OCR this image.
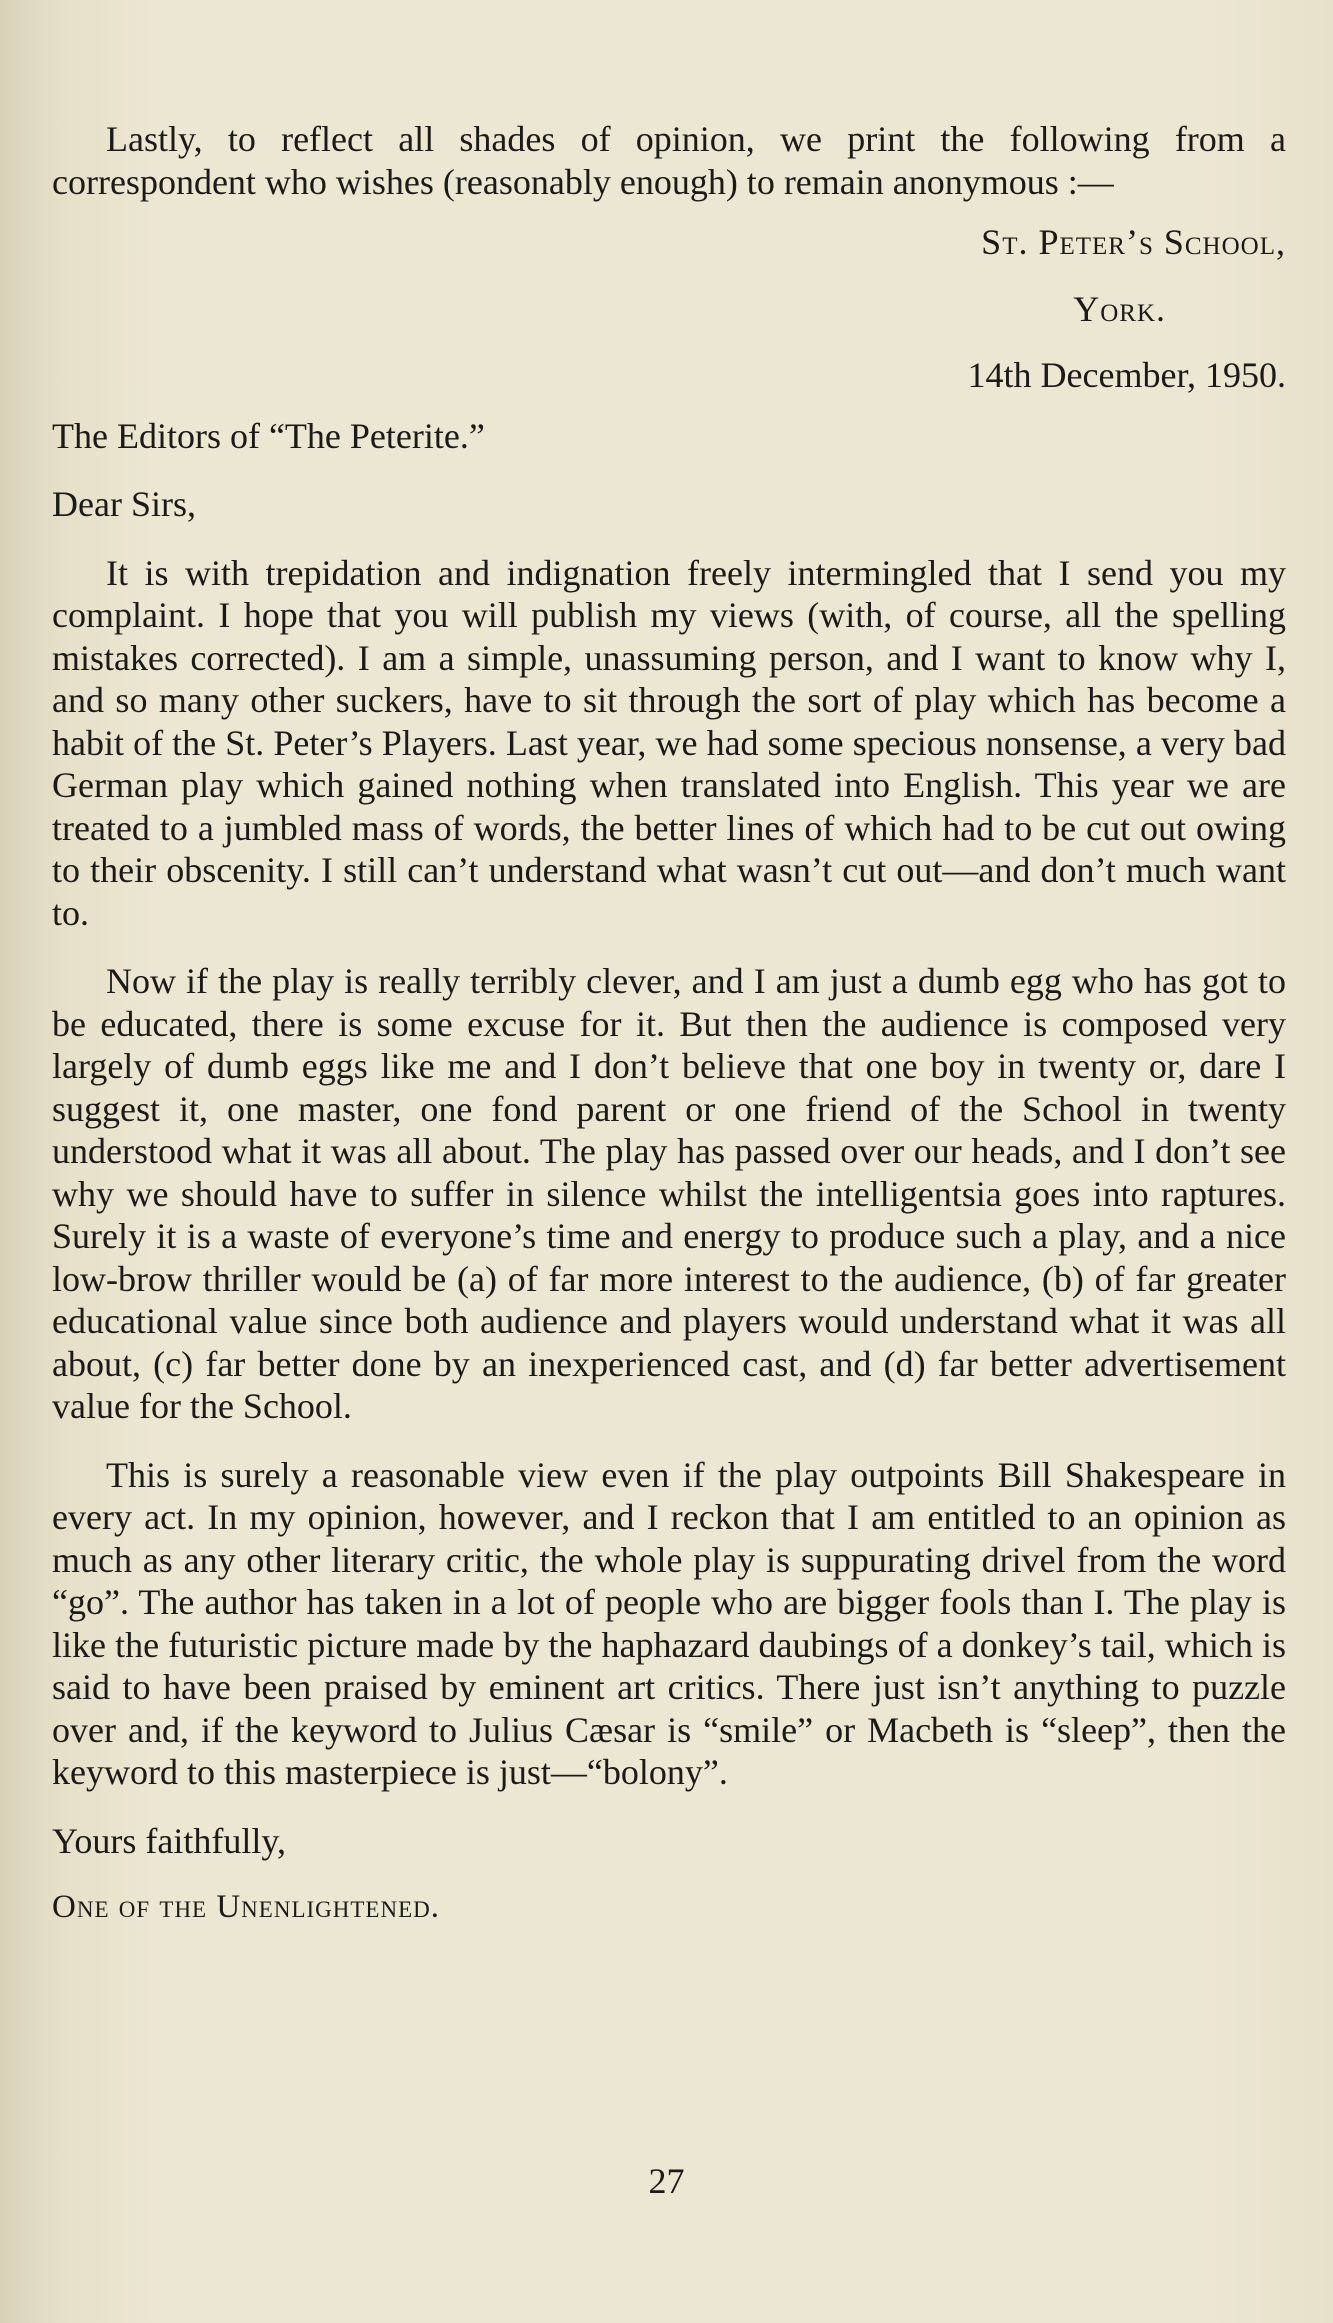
Lastly, to reflect all shades of opinion, we print the following from a correspondent who wishes (reasonably enough) to remain anonymous :—

St. Peter’s School,
York.
14th December, 1950.

The Editors of “The Peterite.”

Dear Sirs,

It is with trepidation and indignation freely intermingled that I send you my complaint. I hope that you will publish my views (with, of course, all the spelling mistakes corrected). I am a simple, unassuming person, and I want to know why I, and so many other suckers, have to sit through the sort of play which has become a habit of the St. Peter’s Players. Last year, we had some specious nonsense, a very bad German play which gained nothing when translated into English. This year we are treated to a jumbled mass of words, the better lines of which had to be cut out owing to their obscenity. I still can’t understand what wasn’t cut out—and don’t much want to.

Now if the play is really terribly clever, and I am just a dumb egg who has got to be educated, there is some excuse for it. But then the audience is composed very largely of dumb eggs like me and I don’t believe that one boy in twenty or, dare I suggest it, one master, one fond parent or one friend of the School in twenty understood what it was all about. The play has passed over our heads, and I don’t see why we should have to suffer in silence whilst the intelligentsia goes into raptures. Surely it is a waste of everyone’s time and energy to produce such a play, and a nice low-brow thriller would be (a) of far more interest to the audience, (b) of far greater educational value since both audience and players would understand what it was all about, (c) far better done by an inexperienced cast, and (d) far better advertisement value for the School.

This is surely a reasonable view even if the play outpoints Bill Shakespeare in every act. In my opinion, however, and I reckon that I am entitled to an opinion as much as any other literary critic, the whole play is suppurating drivel from the word “go”. The author has taken in a lot of people who are bigger fools than I. The play is like the futuristic picture made by the haphazard daubings of a donkey’s tail, which is said to have been praised by eminent art critics. There just isn’t anything to puzzle over and, if the keyword to Julius Cæsar is “smile” or Macbeth is “sleep”, then the keyword to this masterpiece is just—“bolony”.

Yours faithfully,

One of the Unenlightened.

27
